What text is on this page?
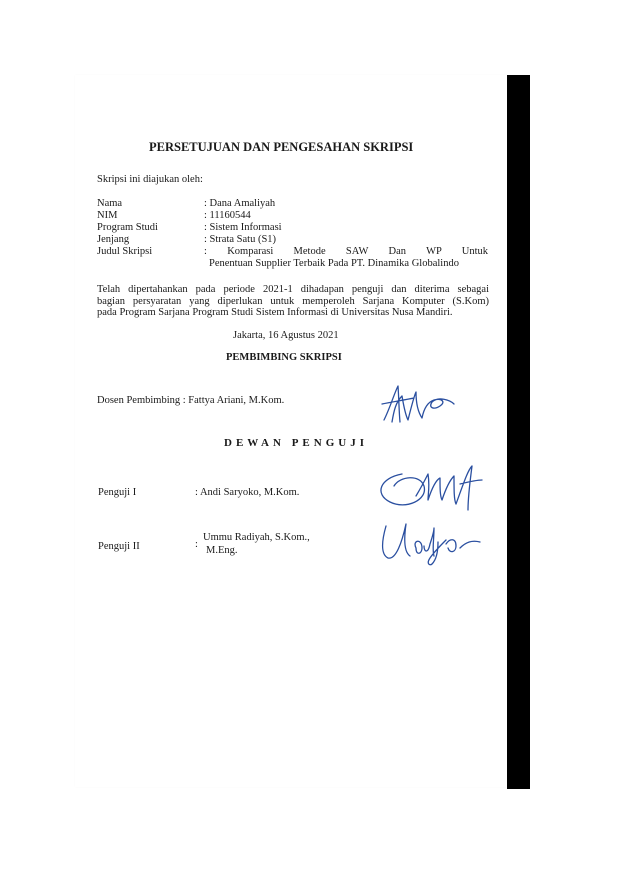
PERSETUJUAN DAN PENGESAHAN SKRIPSI
Skripsi ini diajukan oleh:
Nama	: Dana Amaliyah
NIM	: 11160544
Program Studi	: Sistem Informasi
Jenjang	: Strata Satu (S1)
Judul Skripsi	: Komparasi Metode SAW Dan WP Untuk
Penentuan Supplier Terbaik Pada PT. Dinamika Globalindo
Telah dipertahankan pada periode 2021-1 dihadapan penguji dan diterima sebagai
bagian persyaratan yang diperlukan untuk memperoleh Sarjana Komputer (S.Kom)
pada Program Sarjana Program Studi Sistem Informasi di Universitas Nusa Mandiri.
Jakarta, 16 Agustus 2021
PEMBIMBING SKRIPSI
Dosen Pembimbing : Fattya Ariani, M.Kom.
DEWAN PENGUJI
Penguji I	: Andi Saryoko, M.Kom.
Penguji II	:
Ummu Radiyah, S.Kom.,
M.Eng.
